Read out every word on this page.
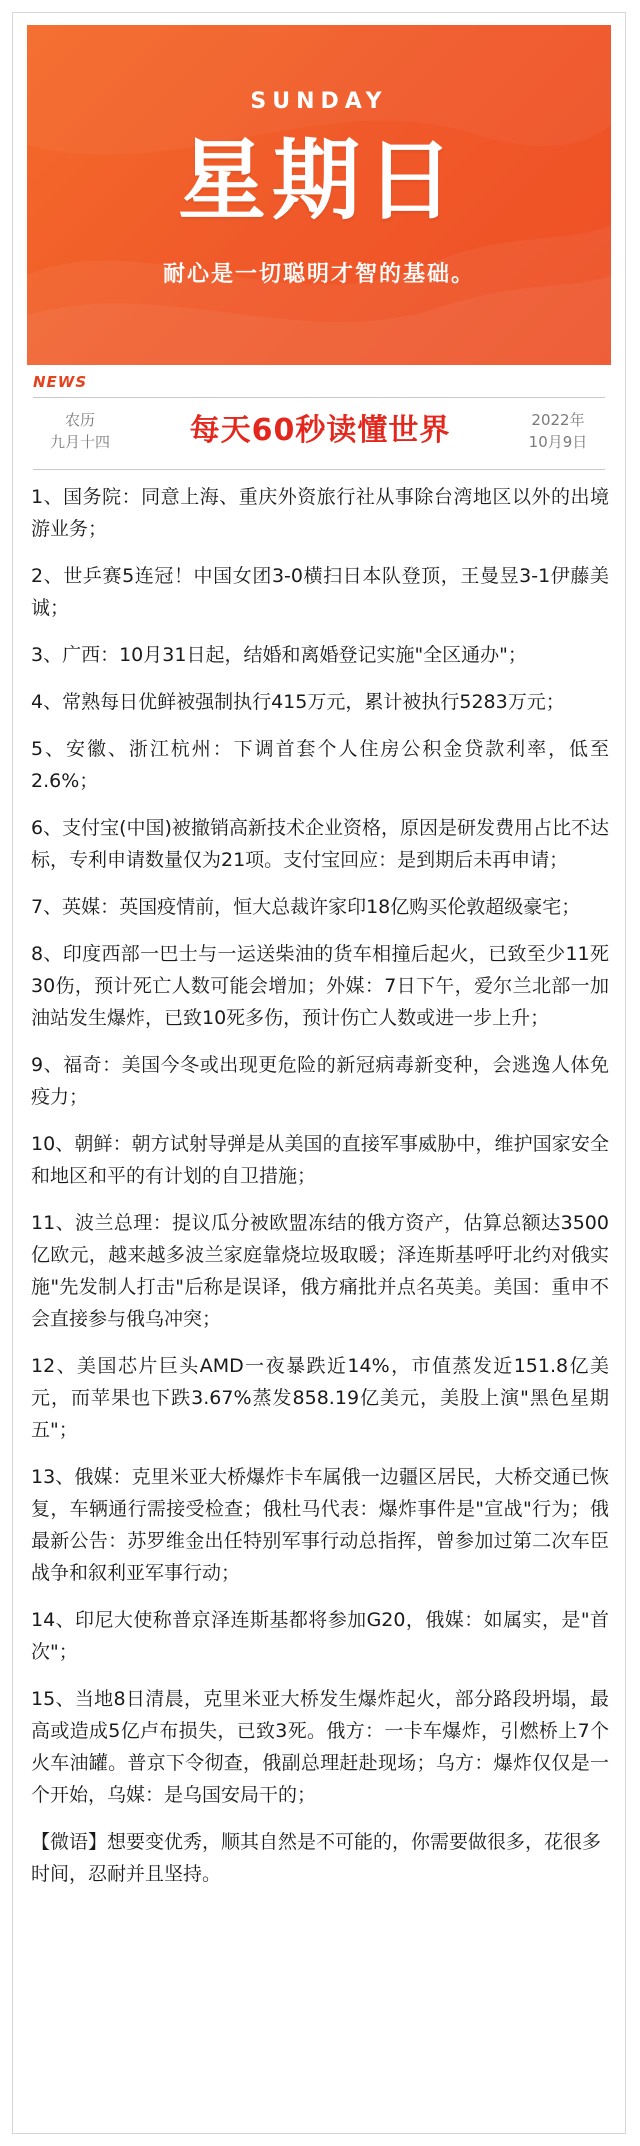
SUNDAY
星期日
耐心是一切聪明才智的基础。
NEWS
农历
九月十四	每天60秒读懂世界	2022年
10月9日

1、国务院：同意上海、重庆外资旅行社从事除台湾地区以外的出境游业务；

2、世乒赛5连冠！中国女团3-0横扫日本队登顶，王曼昱3-1伊藤美诚；

3、广西：10月31日起，结婚和离婚登记实施"全区通办"；

4、常熟每日优鲜被强制执行415万元，累计被执行5283万元；

5、安徽、浙江杭州：下调首套个人住房公积金贷款利率，低至2.6%；

6、支付宝(中国)被撤销高新技术企业资格，原因是研发费用占比不达标，专利申请数量仅为21项。支付宝回应：是到期后未再申请；

7、英媒：英国疫情前，恒大总裁许家印18亿购买伦敦超级豪宅；

8、印度西部一巴士与一运送柴油的货车相撞后起火，已致至少11死30伤，预计死亡人数可能会增加；外媒：7日下午，爱尔兰北部一加油站发生爆炸，已致10死多伤，预计伤亡人数或进一步上升；

9、福奇：美国今冬或出现更危险的新冠病毒新变种，会逃逸人体免疫力；

10、朝鲜：朝方试射导弹是从美国的直接军事威胁中，维护国家安全和地区和平的有计划的自卫措施；

11、波兰总理：提议瓜分被欧盟冻结的俄方资产，估算总额达3500亿欧元，越来越多波兰家庭靠烧垃圾取暖；泽连斯基呼吁北约对俄实施"先发制人打击"后称是误译，俄方痛批并点名英美。美国：重申不会直接参与俄乌冲突；

12、美国芯片巨头AMD一夜暴跌近14%，市值蒸发近151.8亿美元，而苹果也下跌3.67%蒸发858.19亿美元，美股上演"黑色星期五"；

13、俄媒：克里米亚大桥爆炸卡车属俄一边疆区居民，大桥交通已恢复，车辆通行需接受检查；俄杜马代表：爆炸事件是"宣战"行为；俄最新公告：苏罗维金出任特别军事行动总指挥，曾参加过第二次车臣战争和叙利亚军事行动；

14、印尼大使称普京泽连斯基都将参加G20，俄媒：如属实，是"首次"；

15、当地8日清晨，克里米亚大桥发生爆炸起火，部分路段坍塌，最高或造成5亿卢布损失，已致3死。俄方：一卡车爆炸，引燃桥上7个火车油罐。普京下令彻查，俄副总理赶赴现场；乌方：爆炸仅仅是一个开始，乌媒：是乌国安局干的；

【微语】想要变优秀，顺其自然是不可能的，你需要做很多，花很多时间，忍耐并且坚持。
